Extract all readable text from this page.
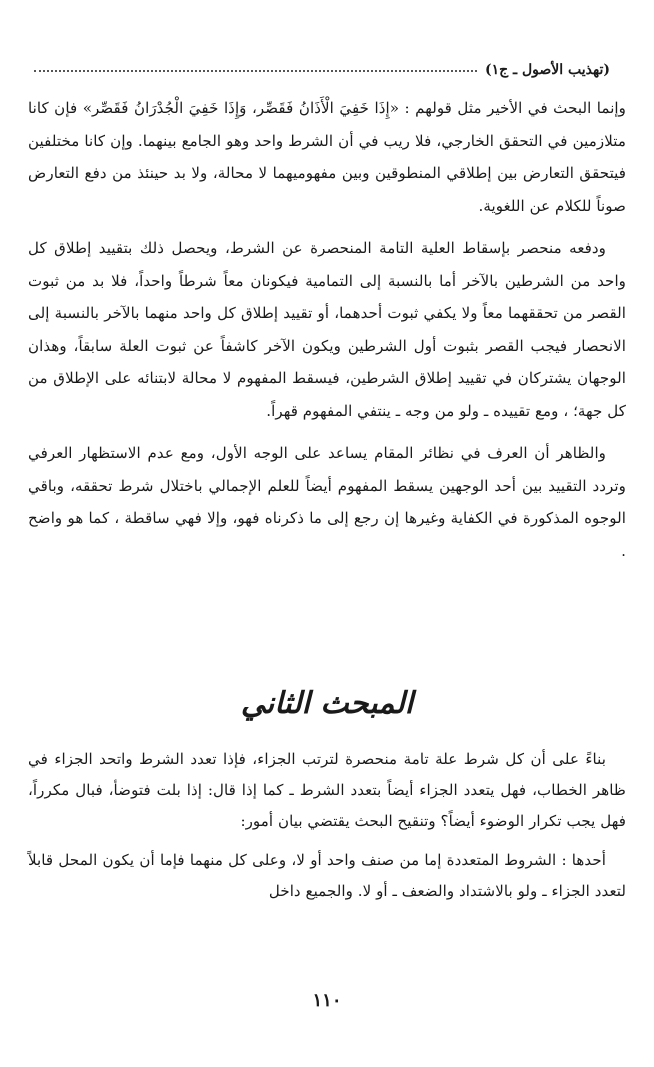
(تهذيب الأصول ـ ج١)

وإنما البحث في الأخير مثل قولهم : «إِذَا خَفِيَ الْأَذَانُ فَقَصِّر، وَإِذَا خَفِيَ الْجُدْرَانُ فَقَصِّر» فإن كانا متلازمين في التحقق الخارجي، فلا ريب في أن الشرط واحد وهو الجامع بينهما. وإن كانا مختلفين فيتحقق التعارض بين إطلاقي المنطوقين وبين مفهوميهما لا محالة، ولا بد حينئذ من دفع التعارض صوناً للكلام عن اللغوية.

ودفعه منحصر بإسقاط العلية التامة المنحصرة عن الشرط، ويحصل ذلك بتقييد إطلاق كل واحد من الشرطين بالآخر أما بالنسبة إلى التمامية فيكونان معاً شرطاً واحداً، فلا بد من ثبوت القصر من تحققهما معاً ولا يكفي ثبوت أحدهما، أو تقييد إطلاق كل واحد منهما بالآخر بالنسبة إلى الانحصار فيجب القصر بثبوت أول الشرطين ويكون الآخر كاشفاً عن ثبوت العلة سابقاً، وهذان الوجهان يشتركان في تقييد إطلاق الشرطين، فيسقط المفهوم لا محالة لابتنائه على الإطلاق من كل جهة؛ ، ومع تقييده ـ ولو من وجه ـ ينتفي المفهوم قهراً.

والظاهر أن العرف في نظائر المقام يساعد على الوجه الأول، ومع عدم الاستظهار العرفي وتردد التقييد بين أحد الوجهين يسقط المفهوم أيضاً للعلم الإجمالي باختلال شرط تحققه، وباقي الوجوه المذكورة في الكفاية وغيرها إن رجع إلى ما ذكرناه فهو، وإلا فهي ساقطة ، كما هو واضح .

المبحث الثاني

بناءً على أن كل شرط علة تامة منحصرة لترتب الجزاء، فإذا تعدد الشرط واتحد الجزاء في ظاهر الخطاب، فهل يتعدد الجزاء أيضاً بتعدد الشرط ـ كما إذا قال: إذا بلت فتوضأ، فبال مكرراً، فهل يجب تكرار الوضوء أيضاً؟ وتنقيح البحث يقتضي بيان أمور:

أحدها : الشروط المتعددة إما من صنف واحد أو لا، وعلى كل منهما فإما أن يكون المحل قابلاً لتعدد الجزاء ـ ولو بالاشتداد والضعف ـ أو لا. والجميع داخل

١١٠
